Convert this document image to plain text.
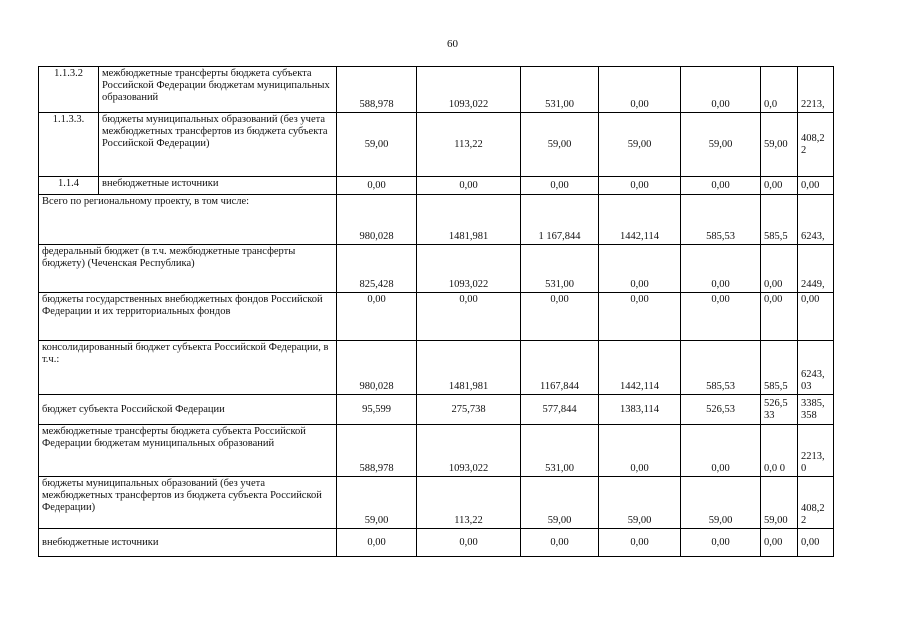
60
1.1.3.2	межбюджетные трансферты бюджета субъекта Российской Федерации бюджетам муниципальных образований	588,978	1093,022	531,00	0,00	0,00	0,0	2213,
1.1.3.3.	бюджеты муниципальных образований (без учета межбюджетных трансфертов из бюджета субъекта Российской Федерации)	59,00	113,22	59,00	59,00	59,00	59,00	408,2 2
1.1.4	внебюджетные источники	0,00	0,00	0,00	0,00	0,00	0,00	0,00
Всего по региональному проекту, в том числе:		980,028	1481,981	1 167,844	1442,114	585,53	585,5	6243,
федеральный бюджет (в т.ч. межбюджетные трансферты бюджету) (Чеченская Республика)		825,428	1093,022	531,00	0,00	0,00	0,00	2449,
бюджеты государственных внебюджетных фондов Российской Федерации и их территориальных фондов		0,00	0,00	0,00	0,00	0,00	0,00	0,00
консолидированный бюджет субъекта Российской Федерации, в т.ч.:		980,028	1481,981	1167,844	1442,114	585,53	585,5	6243, 03
бюджет субъекта Российской Федерации		95,599	275,738	577,844	1383,114	526,53	526,5 33	3385, 358
межбюджетные трансферты бюджета субъекта Российской Федерации бюджетам муниципальных образований		588,978	1093,022	531,00	0,00	0,00	0,0 0	2213, 0
бюджеты муниципальных образований (без учета межбюджетных трансфертов из бюджета субъекта Российской Федерации)		59,00	113,22	59,00	59,00	59,00	59,00	408,2 2
внебюджетные источники		0,00	0,00	0,00	0,00	0,00	0,00	0,00
